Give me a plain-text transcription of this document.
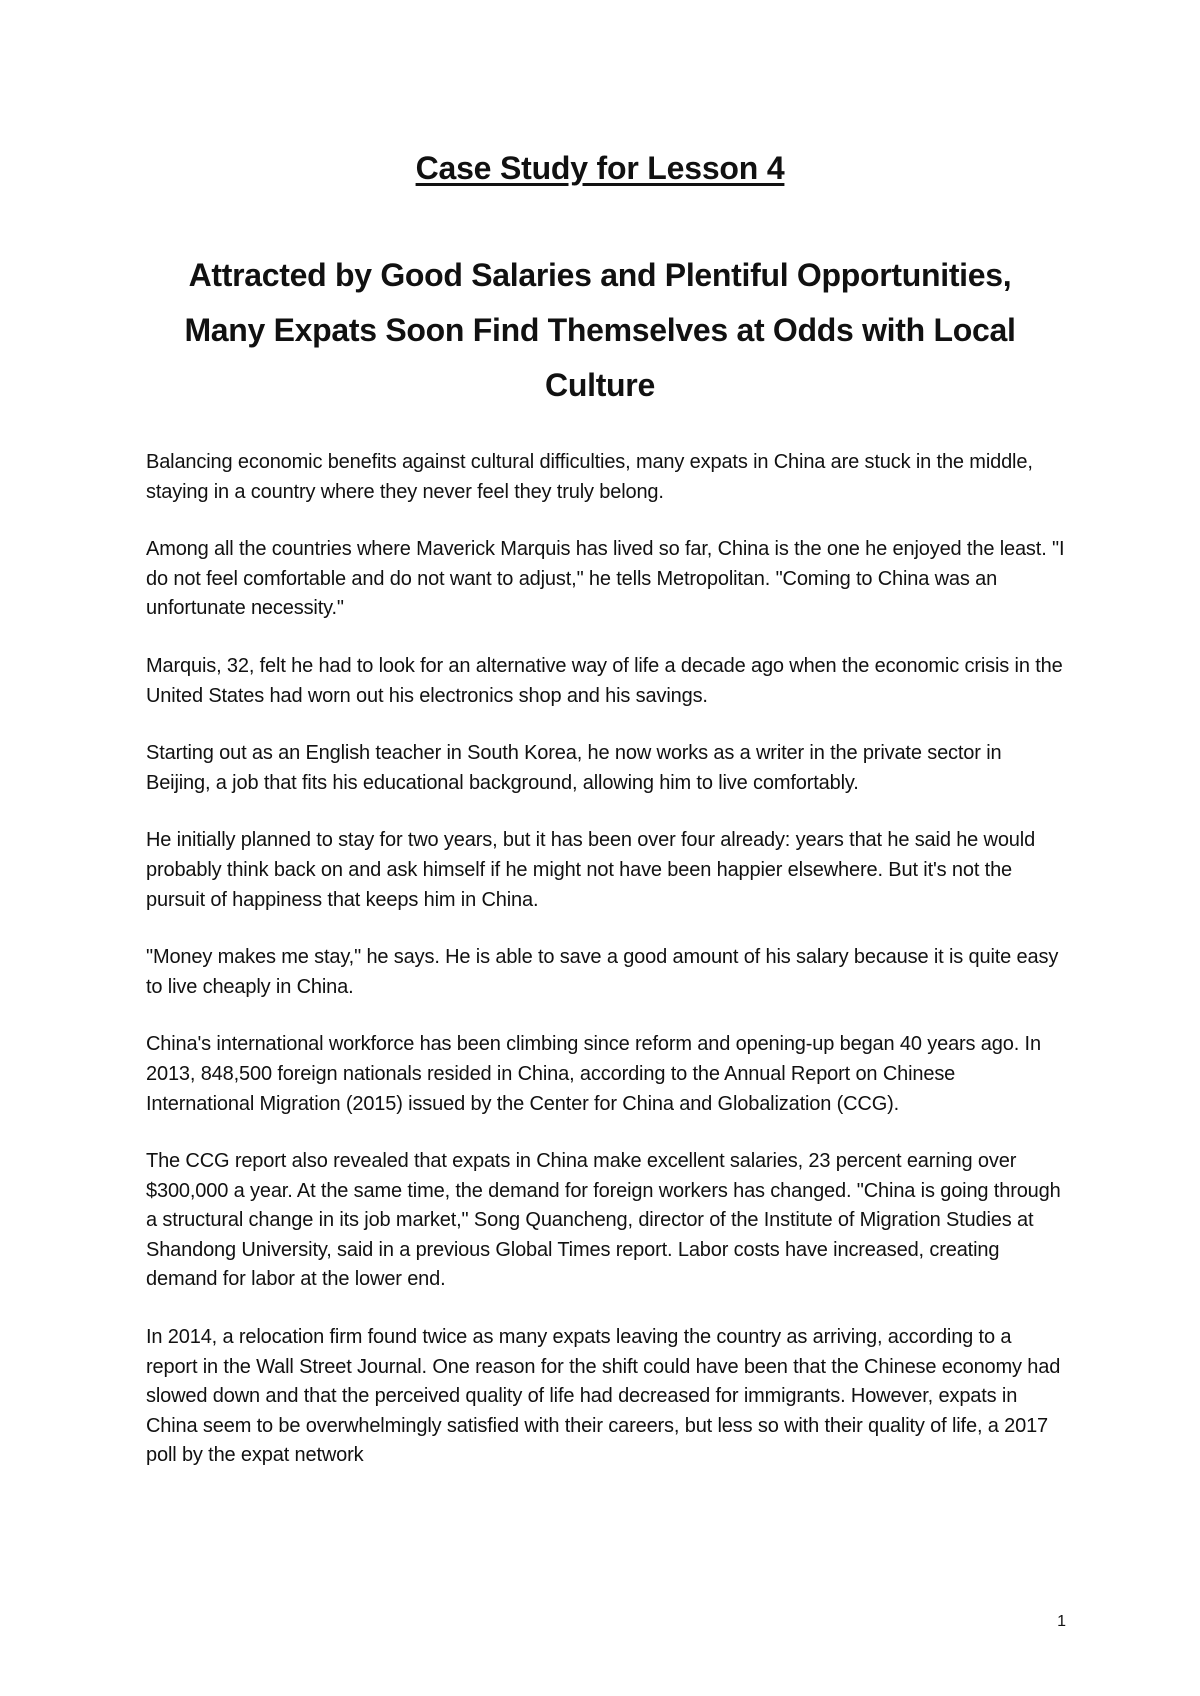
Case Study for Lesson 4
Attracted by Good Salaries and Plentiful Opportunities, Many Expats Soon Find Themselves at Odds with Local Culture

Balancing economic benefits against cultural difficulties, many expats in China are stuck in the middle, staying in a country where they never feel they truly belong.

Among all the countries where Maverick Marquis has lived so far, China is the one he enjoyed the least. "I do not feel comfortable and do not want to adjust," he tells Metropolitan. "Coming to China was an unfortunate necessity."

Marquis, 32, felt he had to look for an alternative way of life a decade ago when the economic crisis in the United States had worn out his electronics shop and his savings.

Starting out as an English teacher in South Korea, he now works as a writer in the private sector in Beijing, a job that fits his educational background, allowing him to live comfortably.

He initially planned to stay for two years, but it has been over four already: years that he said he would probably think back on and ask himself if he might not have been happier elsewhere. But it's not the pursuit of happiness that keeps him in China.

"Money makes me stay," he says. He is able to save a good amount of his salary because it is quite easy to live cheaply in China.

China's international workforce has been climbing since reform and opening-up began 40 years ago. In 2013, 848,500 foreign nationals resided in China, according to the Annual Report on Chinese International Migration (2015) issued by the Center for China and Globalization (CCG).

The CCG report also revealed that expats in China make excellent salaries, 23 percent earning over $300,000 a year. At the same time, the demand for foreign workers has changed. "China is going through a structural change in its job market," Song Quancheng, director of the Institute of Migration Studies at Shandong University, said in a previous Global Times report. Labor costs have increased, creating demand for labor at the lower end.

In 2014, a relocation firm found twice as many expats leaving the country as arriving, according to a report in the Wall Street Journal. One reason for the shift could have been that the Chinese economy had slowed down and that the perceived quality of life had decreased for immigrants. However, expats in China seem to be overwhelmingly satisfied with their careers, but less so with their quality of life, a 2017 poll by the expat network

1
